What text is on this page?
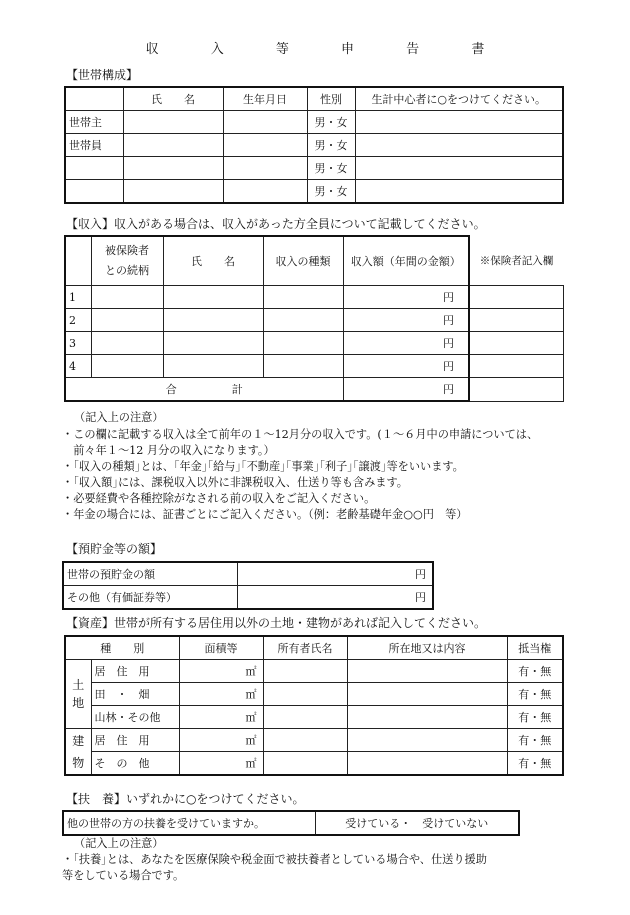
収 入 等 申 告 書
【世帯構成】
	氏　　名	生年月日	性別	生計中心者に○をつけてください。
世帯主			男・女	
世帯員			男・女	
			男・女	
			男・女	
【収入】収入がある場合は、収入があった方全員について記載してください。

	被保険者
との続柄	氏　　名	収入の種類	収入額（年間の金額）	※保険者記入欄
1				円	
2				円	
3				円	
4				円	
合　　　　　計				円	
（記入上の注意）
・この欄に記載する収入は全て前年の１～12月分の収入です。(１～６月中の申請については、
　前々年１～12 月分の収入になります。）
・｢収入の種類｣とは、｢年金｣｢給与｣｢不動産｣｢事業｣｢利子｣｢譲渡｣等をいいます。
・｢収入額｣には、課税収入以外に非課税収入、仕送り等も含みます。
・必要経費や各種控除がなされる前の収入をご記入ください。
・年金の場合には、証書ごとにご記入ください。（例：老齢基礎年金○○円　等）
【預貯金等の額】
世帯の預貯金の額	円
その他（有価証券等）	円
【資産】世帯が所有する居住用以外の土地・建物があれば記入してください。
種　　別		面積等	所有者氏名	所在地又は内容	抵当権
土地	居　住　用	㎡			有・無
	田　・　畑	㎡			有・無
	山林・その他	㎡			有・無
建物	居　住　用	㎡			有・無
	そ　の　他	㎡			有・無
【扶　養】いずれかに○をつけてください。
他の世帯の方の扶養を受けていますか。	受けている・　受けていない
（記入上の注意）
・｢扶養｣とは、あなたを医療保険や税金面で被扶養者としている場合や、仕送り援助
等をしている場合です。
